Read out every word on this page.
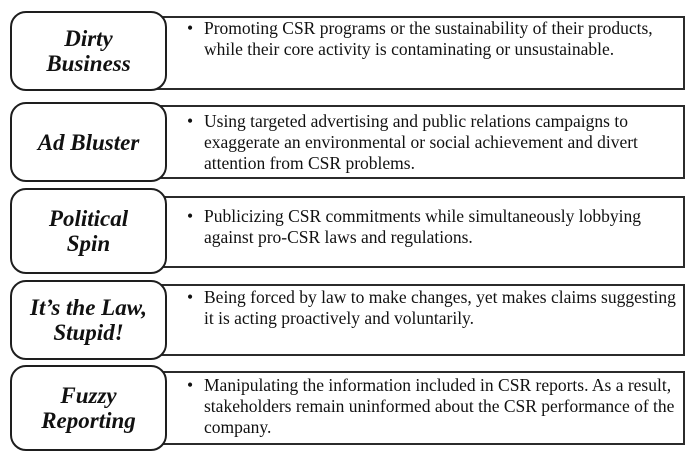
Dirty
Business
• Promoting CSR programs or the sustainability of their products, while their core activity is contaminating or unsustainable.
Ad Bluster
• Using targeted advertising and public relations campaigns to exaggerate an environmental or social achievement and divert attention from CSR problems.
Political
Spin
• Publicizing CSR commitments while simultaneously lobbying against pro-CSR laws and regulations.
It’s the Law,
Stupid!
• Being forced by law to make changes, yet makes claims suggesting it is acting proactively and voluntarily.
Fuzzy
Reporting
• Manipulating the information included in CSR reports. As a result, stakeholders remain uninformed about the CSR performance of the company.
